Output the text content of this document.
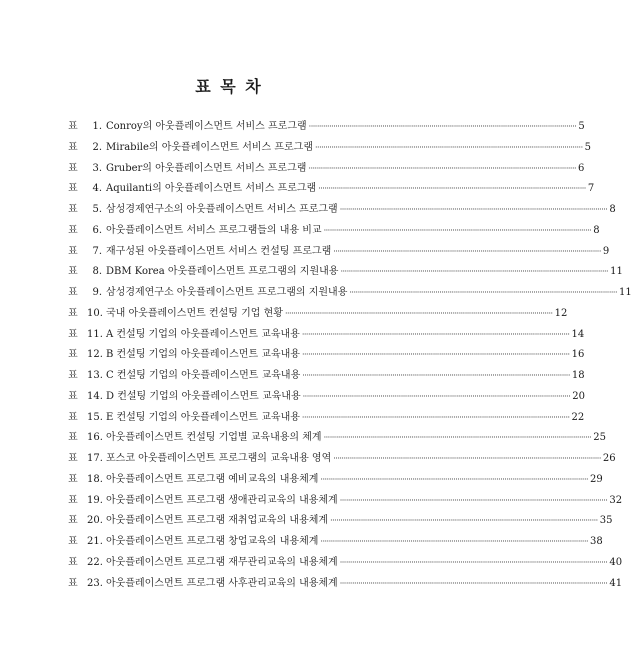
표 목 차
표	1. Conroy의 아웃플레이스먼트 서비스 프로그램 ·····	5
표	2. Mirabile의 아웃플레이스먼트 서비스 프로그램 ·····	5
표	3. Gruber의 아웃플레이스먼트 서비스 프로그램 ·····	6
표	4. Aquilanti의 아웃플레이스먼트 서비스 프로그램 ·····	7
표	5. 삼성경제연구소의 아웃플레이스먼트 서비스 프로그램 ·····	8
표	6. 아웃플레이스먼트 서비스 프로그램들의 내용 비교 ·····	8
표	7. 재구성된 아웃플레이스먼트 서비스 컨설팅 프로그램 ·····	9
표	8. DBM Korea 아웃플레이스먼트 프로그램의 지원내용 ·····	11
표	9. 삼성경제연구소 아웃플레이스먼트 프로그램의 지원내용 ·····	11
표 10. 국내 아웃플레이스먼트 컨설팅 기업 현황 ·····	12
표 11. A 컨설팅 기업의 아웃플레이스먼트 교육내용 ·····	14
표 12. B 컨설팅 기업의 아웃플레이스먼트 교육내용 ·····	16
표 13. C 컨설팅 기업의 아웃플레이스먼트 교육내용 ·····	18
표 14. D 컨설팅 기업의 아웃플레이스먼트 교육내용 ·····	20
표 15. E 컨설팅 기업의 아웃플레이스먼트 교육내용 ·····	22
표 16. 아웃플레이스먼트 컨설팅 기업별 교육내용의 체계 ·····	25
표 17. 포스코 아웃플레이스먼트 프로그램의 교육내용 영역 ·····	26
표 18. 아웃플레이스먼트 프로그램 예비교육의 내용체계 ·····	29
표 19. 아웃플레이스먼트 프로그램 생애관리교육의 내용체계 ·····	32
표 20. 아웃플레이스먼트 프로그램 재취업교육의 내용체계 ·····	35
표 21. 아웃플레이스먼트 프로그램 창업교육의 내용체계 ·····	38
표 22. 아웃플레이스먼트 프로그램 재무관리교육의 내용체계 ·····	40
표 23. 아웃플레이스먼트 프로그램 사후관리교육의 내용체계 ·····	41
